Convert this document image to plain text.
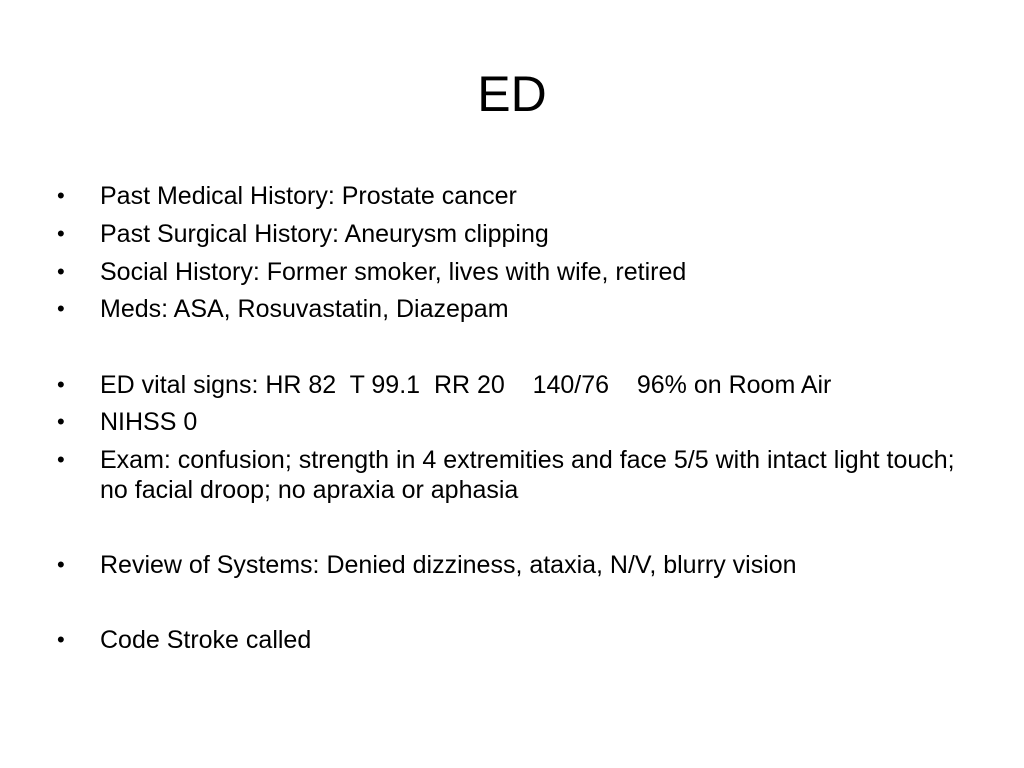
ED
•	Past Medical History: Prostate cancer
•	Past Surgical History: Aneurysm clipping
•	Social History: Former smoker, lives with wife, retired
•	Meds: ASA, Rosuvastatin, Diazepam
•	ED vital signs: HR 82  T 99.1  RR 20    140/76    96% on Room Air
•	NIHSS 0
•	Exam: confusion; strength in 4 extremities and face 5/5 with intact light touch; no facial droop; no apraxia or aphasia
•	Review of Systems: Denied dizziness, ataxia, N/V, blurry vision
•	Code Stroke called
